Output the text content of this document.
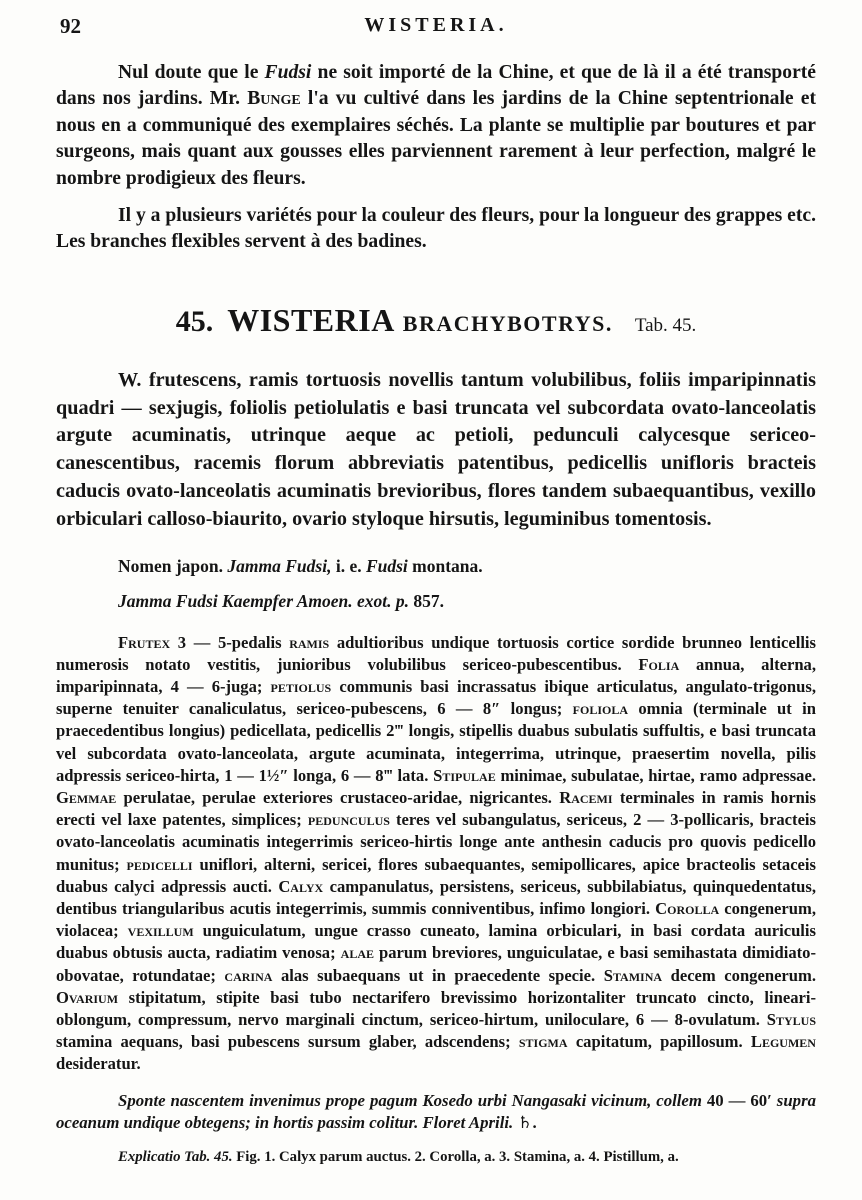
92	WISTERIA.

Nul doute que le Fudsi ne soit importé de la Chine, et que de là il a été transporté dans nos jardins. Mr. Bunge l'a vu cultivé dans les jardins de la Chine septentrionale et nous en a communiqué des exemplaires séchés. La plante se multiplie par boutures et par surgeons, mais quant aux gousses elles parviennent rarement à leur perfection, malgré le nombre prodigieux des fleurs.

Il y a plusieurs variétés pour la couleur des fleurs, pour la longueur des grappes etc. Les branches flexibles servent à des badines.

45. WISTERIA BRACHYBOTRYS. Tab. 45.

W. frutescens, ramis tortuosis novellis tantum volubilibus, foliis imparipinnatis quadri — sexjugis, foliolis petiolulatis e basi truncata vel subcordata ovato-lanceolatis argute acuminatis, utrinque aeque ac petioli, pedunculi calycesque sericeo-canescentibus, racemis florum abbreviatis patentibus, pedicellis unifloris bracteis caducis ovato-lanceolatis acuminatis brevioribus, flores tandem subaequantibus, vexillo orbiculari calloso-biaurito, ovario styloque hirsutis, leguminibus tomentosis.

Nomen japon. Jamma Fudsi, i. e. Fudsi montana.

Jamma Fudsi Kaempfer Amoen. exot. p. 857.

Frutex 3 — 5-pedalis ramis adultioribus undique tortuosis cortice sordide brunneo lenticellis numerosis notato vestitis, junioribus volubilibus sericeo-pubescentibus. Folia annua, alterna, imparipinnata, 4 — 6-juga; petiolus communis basi incrassatus ibique articulatus, angulato-trigonus, superne tenuiter canaliculatus, sericeo-pubescens, 6 — 8″ longus; foliola omnia (terminale ut in praecedentibus longius) pedicellata, pedicellis 2‴ longis, stipellis duabus subulatis suffultis, e basi truncata vel subcordata ovato-lanceolata, argute acuminata, integerrima, utrinque, praesertim novella, pilis adpressis sericeo-hirta, 1 — 1½″ longa, 6 — 8‴ lata. Stipulae minimae, subulatae, hirtae, ramo adpressae. Gemmae perulatae, perulae exteriores crustaceo-aridae, nigricantes. Racemi terminales in ramis hornis erecti vel laxe patentes, simplices; pedunculus teres vel subangulatus, sericeus, 2 — 3-pollicaris, bracteis ovato-lanceolatis acuminatis integerrimis sericeo-hirtis longe ante anthesin caducis pro quovis pedicello munitus; pedicelli uniflori, alterni, sericei, flores subaequantes, semipollicares, apice bracteolis setaceis duabus calyci adpressis aucti. Calyx campanulatus, persistens, sericeus, subbilabiatus, quinquedentatus, dentibus triangularibus acutis integerrimis, summis conniventibus, infimo longiori. Corolla congenerum, violacea; vexillum unguiculatum, ungue crasso cuneato, lamina orbiculari, in basi cordata auriculis duabus obtusis aucta, radiatim venosa; alae parum breviores, unguiculatae, e basi semihastata dimidiato-obovatae, rotundatae; carina alas subaequans ut in praecedente specie. Stamina decem congenerum. Ovarium stipitatum, stipite basi tubo nectarifero brevissimo horizontaliter truncato cincto, lineari-oblongum, compressum, nervo marginali cinctum, sericeo-hirtum, uniloculare, 6 — 8-ovulatum. Stylus stamina aequans, basi pubescens sursum glaber, adscendens; stigma capitatum, papillosum. Legumen desideratur.

Sponte nascentem invenimus prope pagum Kosedo urbi Nangasaki vicinum, collem 40 — 60′ supra oceanum undique obtegens; in hortis passim colitur. Floret Aprili. ♄.

Explicatio Tab. 45. Fig. 1. Calyx parum auctus. 2. Corolla, a. 3. Stamina, a. 4. Pistillum, a.
